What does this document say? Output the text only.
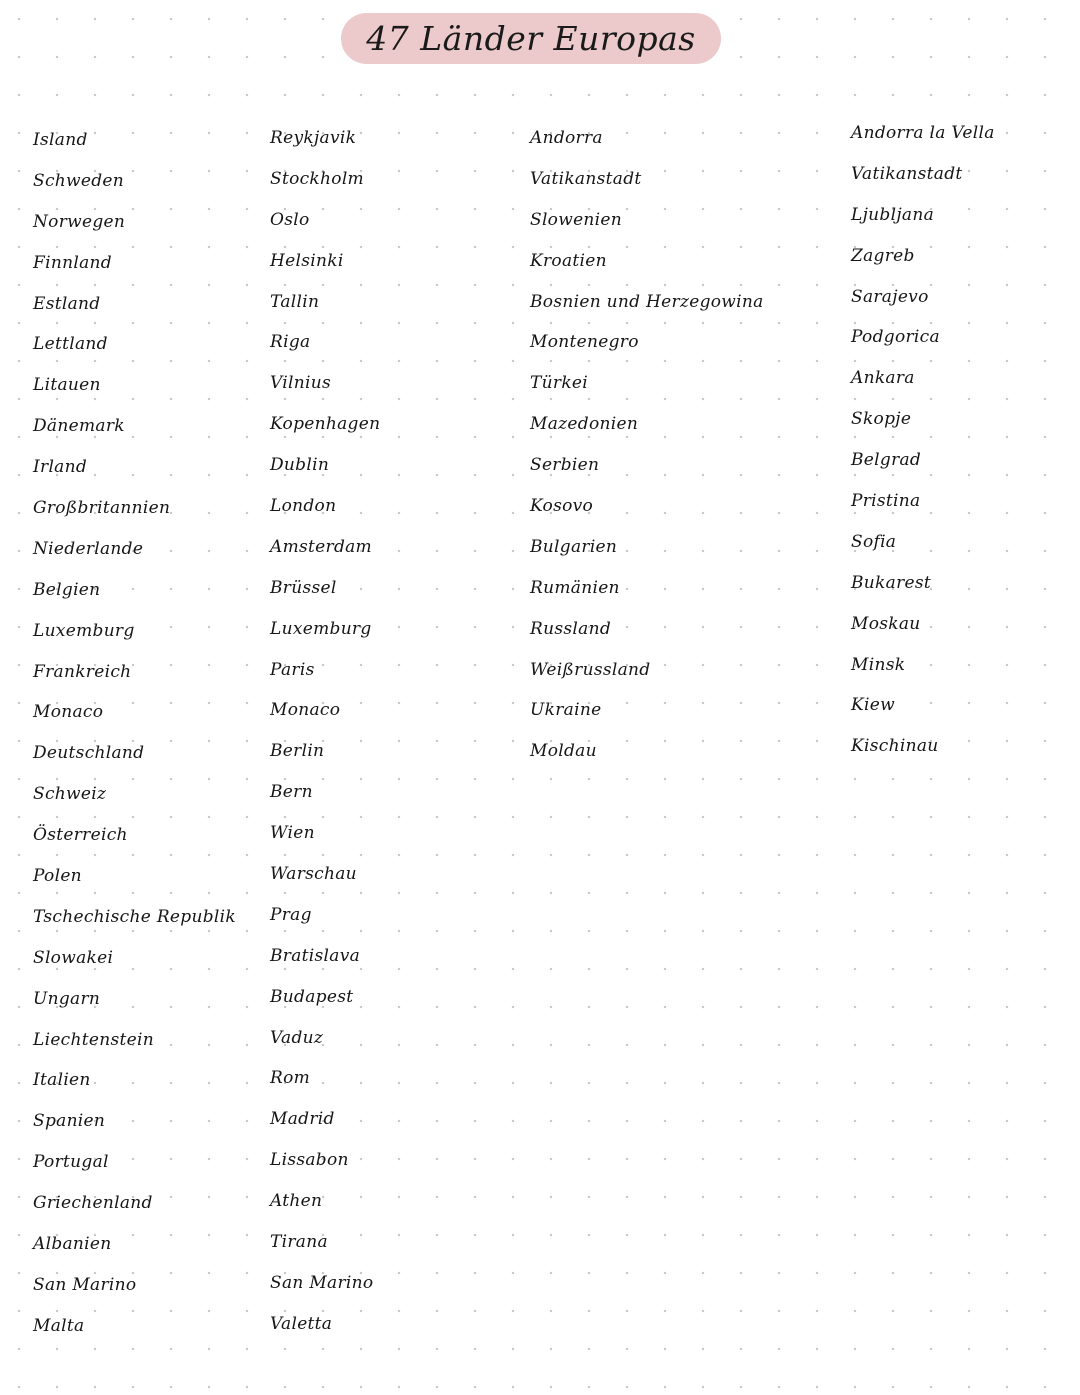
47 Länder Europas
Island
Schweden
Norwegen
Finnland
Estland
Lettland
Litauen
Dänemark
Irland
Großbritannien
Niederlande
Belgien
Luxemburg
Frankreich
Monaco
Deutschland
Schweiz
Österreich
Polen
Tschechische Republik
Slowakei
Ungarn
Liechtenstein
Italien
Spanien
Portugal
Griechenland
Albanien
San Marino
Malta
Reykjavik
Stockholm
Oslo
Helsinki
Tallin
Riga
Vilnius
Kopenhagen
Dublin
London
Amsterdam
Brüssel
Luxemburg
Paris
Monaco
Berlin
Bern
Wien
Warschau
Prag
Bratislava
Budapest
Vaduz
Rom
Madrid
Lissabon
Athen
Tirana
San Marino
Valetta
Andorra
Vatikanstadt
Slowenien
Kroatien
Bosnien und Herzegowina
Montenegro
Türkei
Mazedonien
Serbien
Kosovo
Bulgarien
Rumänien
Russland
Weißrussland
Ukraine
Moldau
Andorra la Vella
Vatikanstadt
Ljubljana
Zagreb
Sarajevo
Podgorica
Ankara
Skopje
Belgrad
Pristina
Sofia
Bukarest
Moskau
Minsk
Kiew
Kischinau
